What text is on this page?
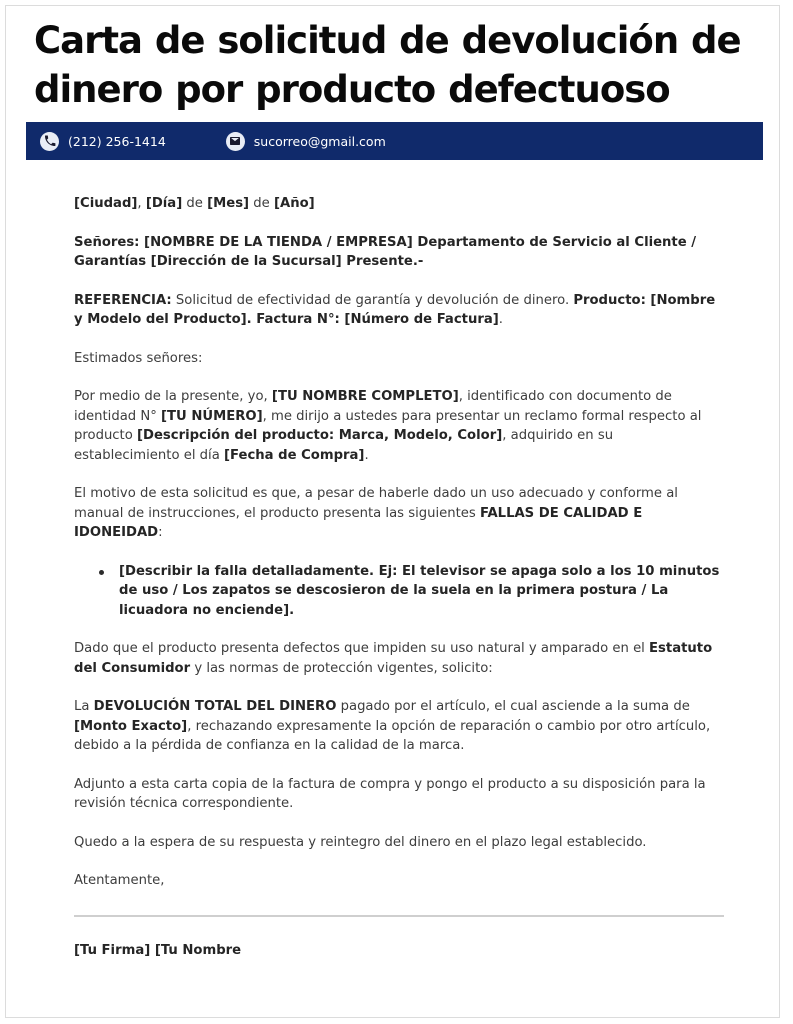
Carta de solicitud de devolución de dinero por producto defectuoso
(212) 256-1414	sucorreo@gmail.com

[Ciudad], [Día] de [Mes] de [Año]

Señores: [NOMBRE DE LA TIENDA / EMPRESA] Departamento de Servicio al Cliente / Garantías [Dirección de la Sucursal] Presente.-

REFERENCIA: Solicitud de efectividad de garantía y devolución de dinero. Producto: [Nombre y Modelo del Producto]. Factura N°: [Número de Factura].

Estimados señores:

Por medio de la presente, yo, [TU NOMBRE COMPLETO], identificado con documento de identidad N° [TU NÚMERO], me dirijo a ustedes para presentar un reclamo formal respecto al producto [Descripción del producto: Marca, Modelo, Color], adquirido en su establecimiento el día [Fecha de Compra].

El motivo de esta solicitud es que, a pesar de haberle dado un uso adecuado y conforme al manual de instrucciones, el producto presenta las siguientes FALLAS DE CALIDAD E IDONEIDAD:

[Describir la falla detalladamente. Ej: El televisor se apaga solo a los 10 minutos de uso / Los zapatos se descosieron de la suela en la primera postura / La licuadora no enciende].

Dado que el producto presenta defectos que impiden su uso natural y amparado en el Estatuto del Consumidor y las normas de protección vigentes, solicito:

La DEVOLUCIÓN TOTAL DEL DINERO pagado por el artículo, el cual asciende a la suma de [Monto Exacto], rechazando expresamente la opción de reparación o cambio por otro artículo, debido a la pérdida de confianza en la calidad de la marca.

Adjunto a esta carta copia de la factura de compra y pongo el producto a su disposición para la revisión técnica correspondiente.

Quedo a la espera de su respuesta y reintegro del dinero en el plazo legal establecido.

Atentamente,

[Tu Firma] [Tu Nombre
